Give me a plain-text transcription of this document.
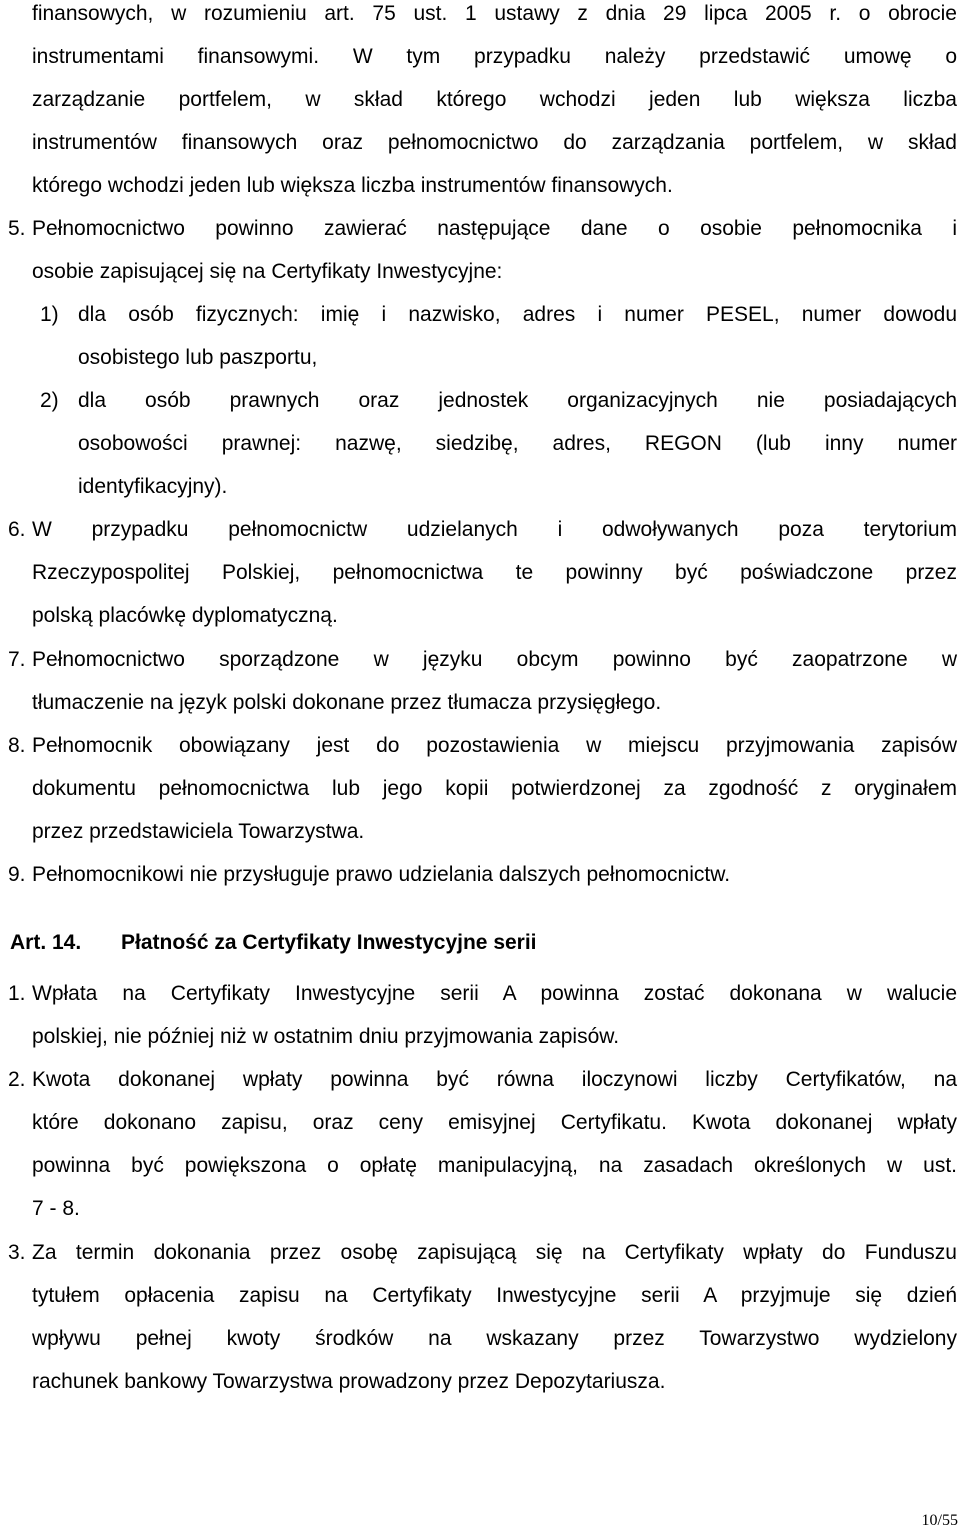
finansowych, w rozumieniu art. 75 ust. 1 ustawy z dnia 29 lipca 2005 r. o obrocie
instrumentami finansowymi. W tym przypadku należy przedstawić umowę o
zarządzanie portfelem, w skład którego wchodzi jeden lub większa liczba
instrumentów finansowych oraz pełnomocnictwo do zarządzania portfelem, w skład
którego wchodzi jeden lub większa liczba instrumentów finansowych.
5. Pełnomocnictwo powinno zawierać następujące dane o osobie pełnomocnika i
osobie zapisującej się na Certyfikaty Inwestycyjne:
1) dla osób fizycznych: imię i nazwisko, adres i numer PESEL, numer dowodu
osobistego lub paszportu,
2) dla osób prawnych oraz jednostek organizacyjnych nie posiadających
osobowości prawnej: nazwę, siedzibę, adres, REGON (lub inny numer
identyfikacyjny).
6. W przypadku pełnomocnictw udzielanych i odwoływanych poza terytorium
Rzeczypospolitej Polskiej, pełnomocnictwa te powinny być poświadczone przez
polską placówkę dyplomatyczną.
7. Pełnomocnictwo sporządzone w języku obcym powinno być zaopatrzone w
tłumaczenie na język polski dokonane przez tłumacza przysięgłego.
8. Pełnomocnik obowiązany jest do pozostawienia w miejscu przyjmowania zapisów
dokumentu pełnomocnictwa lub jego kopii potwierdzonej za zgodność z oryginałem
przez przedstawiciela Towarzystwa.
9. Pełnomocnikowi nie przysługuje prawo udzielania dalszych pełnomocnictw.
Art. 14. Płatność za Certyfikaty Inwestycyjne serii
1. Wpłata na Certyfikaty Inwestycyjne serii A powinna zostać dokonana w walucie
polskiej, nie później niż w ostatnim dniu przyjmowania zapisów.
2. Kwota dokonanej wpłaty powinna być równa iloczynowi liczby Certyfikatów, na
które dokonano zapisu, oraz ceny emisyjnej Certyfikatu. Kwota dokonanej wpłaty
powinna być powiększona o opłatę manipulacyjną, na zasadach określonych w ust.
7 - 8.
3. Za termin dokonania przez osobę zapisującą się na Certyfikaty wpłaty do Funduszu
tytułem opłacenia zapisu na Certyfikaty Inwestycyjne serii A przyjmuje się dzień
wpływu pełnej kwoty środków na wskazany przez Towarzystwo wydzielony
rachunek bankowy Towarzystwa prowadzony przez Depozytariusza.
10/55
